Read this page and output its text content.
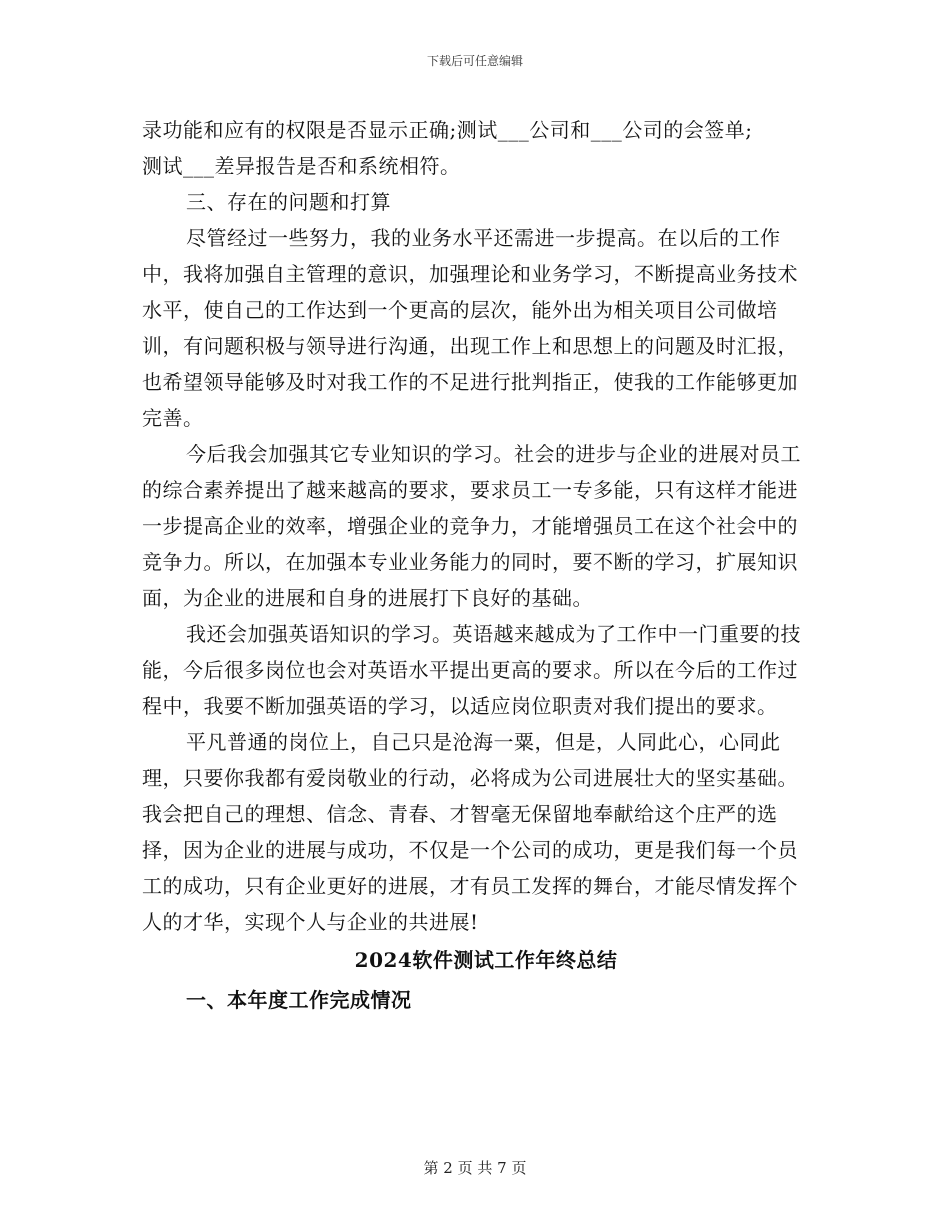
下载后可任意编辑

录功能和应有的权限是否显示正确;测试___公司和___公司的会签单;

测试___差异报告是否和系统相符。

三、存在的问题和打算

尽管经过一些努力，我的业务水平还需进一步提高。在以后的工作中，我将加强自主管理的意识，加强理论和业务学习，不断提高业务技术水平，使自己的工作达到一个更高的层次，能外出为相关项目公司做培训，有问题积极与领导进行沟通，出现工作上和思想上的问题及时汇报，也希望领导能够及时对我工作的不足进行批判指正，使我的工作能够更加完善。

今后我会加强其它专业知识的学习。社会的进步与企业的进展对员工的综合素养提出了越来越高的要求，要求员工一专多能，只有这样才能进一步提高企业的效率，增强企业的竞争力，才能增强员工在这个社会中的竞争力。所以，在加强本专业业务能力的同时，要不断的学习，扩展知识面，为企业的进展和自身的进展打下良好的基础。

我还会加强英语知识的学习。英语越来越成为了工作中一门重要的技能，今后很多岗位也会对英语水平提出更高的要求。所以在今后的工作过程中，我要不断加强英语的学习，以适应岗位职责对我们提出的要求。

平凡普通的岗位上，自己只是沧海一粟，但是，人同此心，心同此理，只要你我都有爱岗敬业的行动，必将成为公司进展壮大的坚实基础。我会把自己的理想、信念、青春、才智毫无保留地奉献给这个庄严的选择，因为企业的进展与成功，不仅是一个公司的成功，更是我们每一个员工的成功，只有企业更好的进展，才有员工发挥的舞台，才能尽情发挥个人的才华，实现个人与企业的共进展!

2024软件测试工作年终总结

一、本年度工作完成情况

第 2 页 共 7 页
